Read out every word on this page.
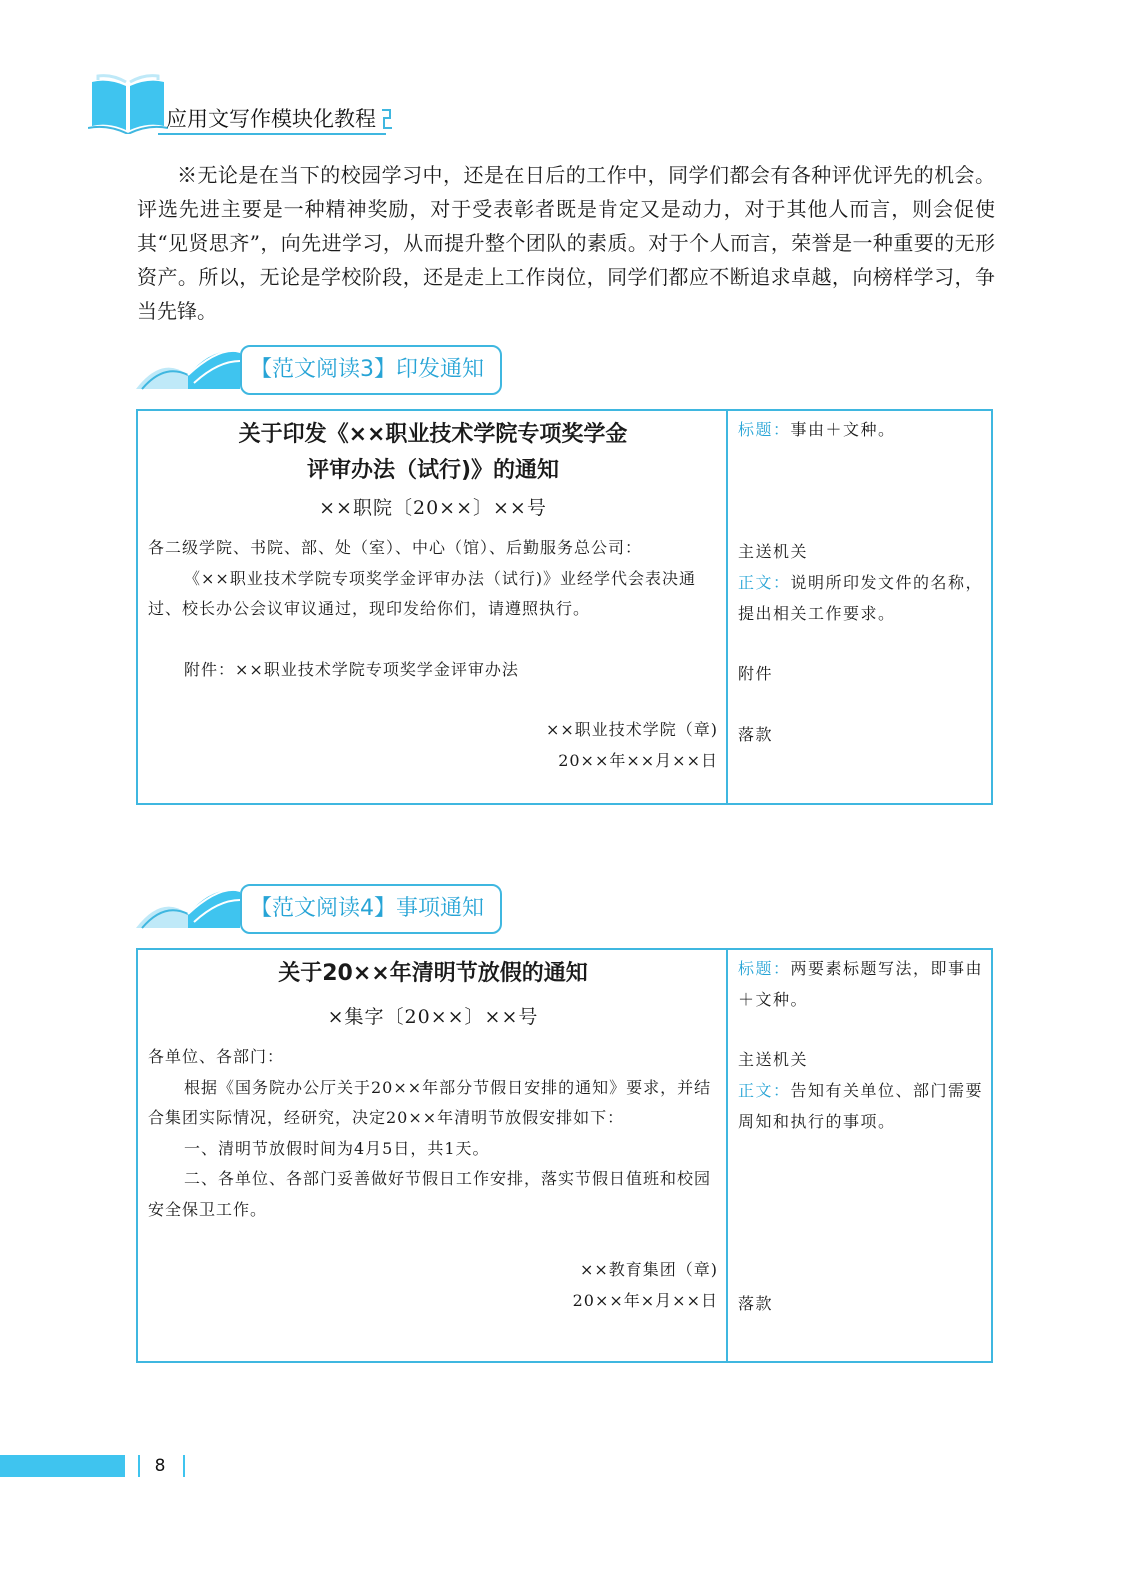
应用文写作模块化教程

※无论是在当下的校园学习中，还是在日后的工作中，同学们都会有各种评优评先的机会。评选先进主要是一种精神奖励，对于受表彰者既是肯定又是动力，对于其他人而言，则会促使其“见贤思齐”，向先进学习，从而提升整个团队的素质。对于个人而言，荣誉是一种重要的无形资产。所以，无论是学校阶段，还是走上工作岗位，同学们都应不断追求卓越，向榜样学习，争当先锋。

【范文阅读3】印发通知
关于印发《××职业技术学院专项奖学金
评审办法（试行)》的通知
××职院〔20××〕××号

各二级学院、书院、部、处（室）、中心（馆）、后勤服务总公司：

《××职业技术学院专项奖学金评审办法（试行)》业经学代会表决通过、校长办公会议审议通过，现印发给你们，请遵照执行。

附件：××职业技术学院专项奖学金评审办法

××职业技术学院（章)

20××年××月××日

标题：事由＋文种。
主送机关
正文：说明所印发文件的名称，提出相关工作要求。
附件
落款
【范文阅读4】事项通知
关于20××年清明节放假的通知
×集字〔20××〕××号

各单位、各部门：

根据《国务院办公厅关于20××年部分节假日安排的通知》要求，并结合集团实际情况，经研究，决定20××年清明节放假安排如下：

一、清明节放假时间为4月5日，共1天。

二、各单位、各部门妥善做好节假日工作安排，落实节假日值班和校园安全保卫工作。

××教育集团（章)

20××年×月××日

标题：两要素标题写法，即事由＋文种。
主送机关
正文：告知有关单位、部门需要周知和执行的事项。
落款
8
